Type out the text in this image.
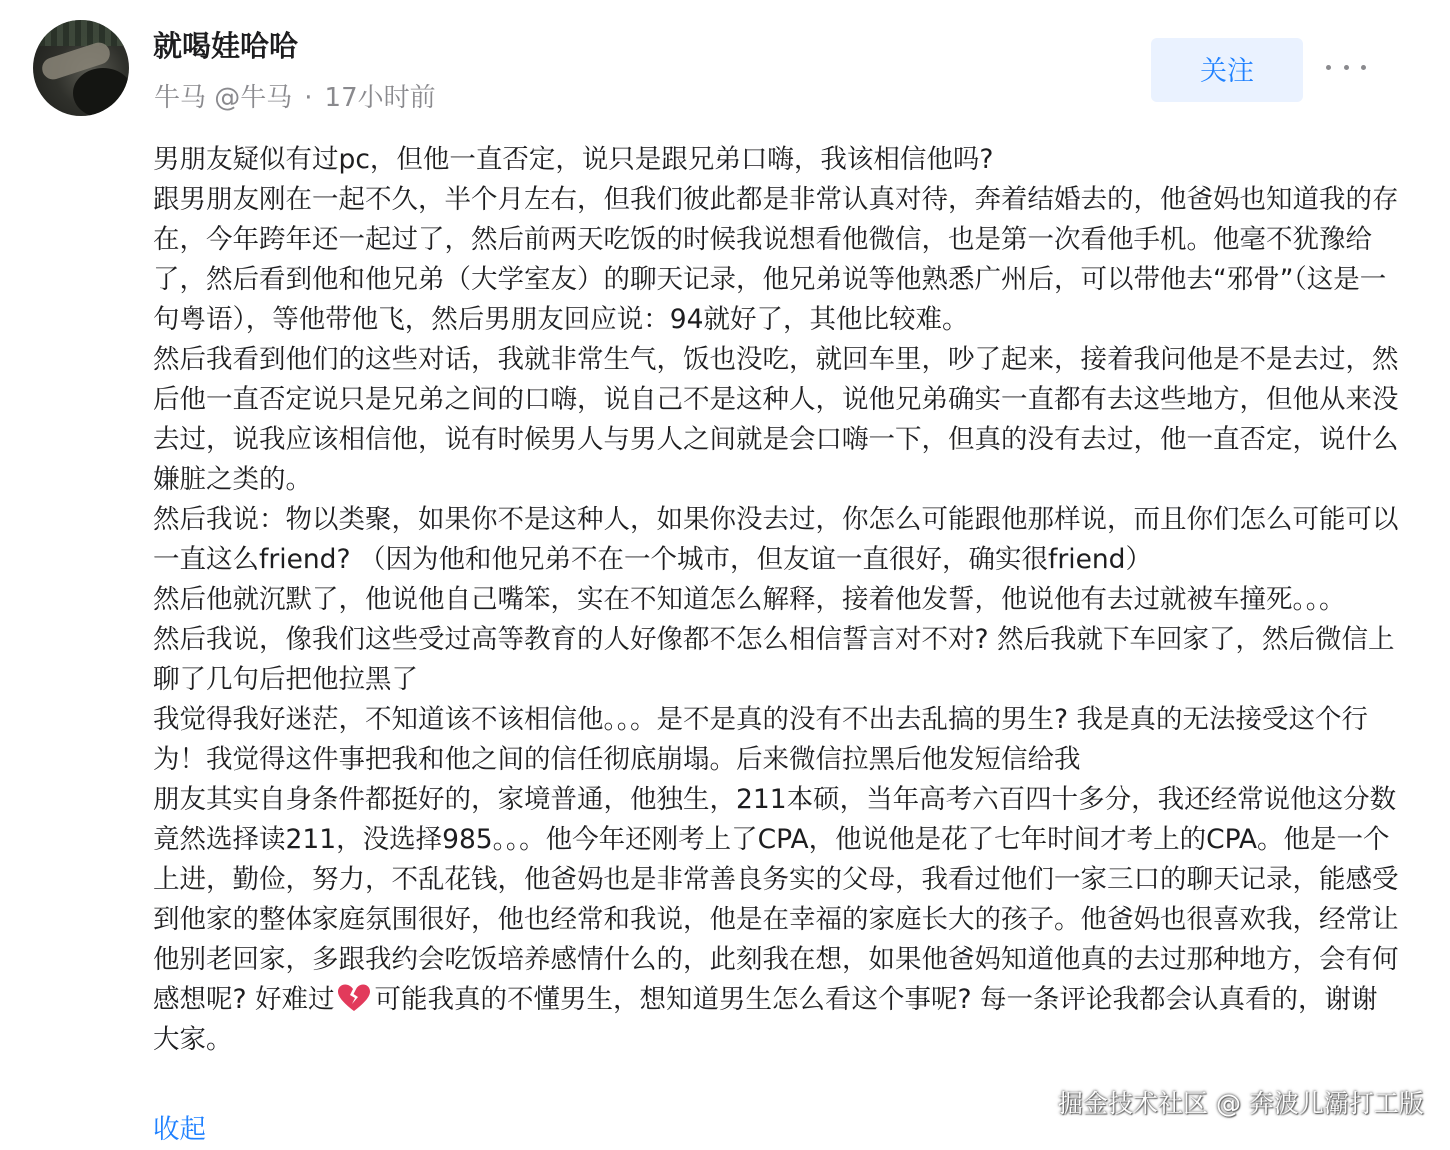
就喝娃哈哈
牛马 @牛马 · 17小时前
关注

男朋友疑似有过pc，但他一直否定，说只是跟兄弟口嗨，我该相信他吗?

跟男朋友刚在一起不久，半个月左右，但我们彼此都是非常认真对待，奔着结婚去的，他爸妈也知道我的存在，今年跨年还一起过了，然后前两天吃饭的时候我说想看他微信，也是第一次看他手机。他毫不犹豫给了，然后看到他和他兄弟（大学室友）的聊天记录，他兄弟说等他熟悉广州后，可以带他去“邪骨”（这是一句粤语），等他带他飞，然后男朋友回应说：94就好了，其他比较难。

然后我看到他们的这些对话，我就非常生气，饭也没吃，就回车里，吵了起来，接着我问他是不是去过，然后他一直否定说只是兄弟之间的口嗨，说自己不是这种人，说他兄弟确实一直都有去这些地方，但他从来没去过，说我应该相信他，说有时候男人与男人之间就是会口嗨一下，但真的没有去过，他一直否定，说什么嫌脏之类的。

然后我说：物以类聚，如果你不是这种人，如果你没去过，你怎么可能跟他那样说，而且你们怎么可能可以一直这么friend? （因为他和他兄弟不在一个城市，但友谊一直很好，确实很friend）

然后他就沉默了，他说他自己嘴笨，实在不知道怎么解释，接着他发誓，他说他有去过就被车撞死。。。

然后我说，像我们这些受过高等教育的人好像都不怎么相信誓言对不对? 然后我就下车回家了，然后微信上聊了几句后把他拉黑了

我觉得我好迷茫，不知道该不该相信他。。。是不是真的没有不出去乱搞的男生? 我是真的无法接受这个行为！我觉得这件事把我和他之间的信任彻底崩塌。后来微信拉黑后他发短信给我

朋友其实自身条件都挺好的，家境普通，他独生，211本硕，当年高考六百四十多分，我还经常说他这分数竟然选择读211，没选择985。。。他今年还刚考上了CPA，他说他是花了七年时间才考上的CPA。他是一个上进，勤俭，努力，不乱花钱，他爸妈也是非常善良务实的父母，我看过他们一家三口的聊天记录，能感受到他家的整体家庭氛围很好，他也经常和我说，他是在幸福的家庭长大的孩子。他爸妈也很喜欢我，经常让他别老回家，多跟我约会吃饭培养感情什么的，此刻我在想，如果他爸妈知道他真的去过那种地方，会有何感想呢? 好难过 可能我真的不懂男生，想知道男生怎么看这个事呢? 每一条评论我都会认真看的，谢谢大家。

收起
掘金技术社区 @ 奔波儿灞打工版
